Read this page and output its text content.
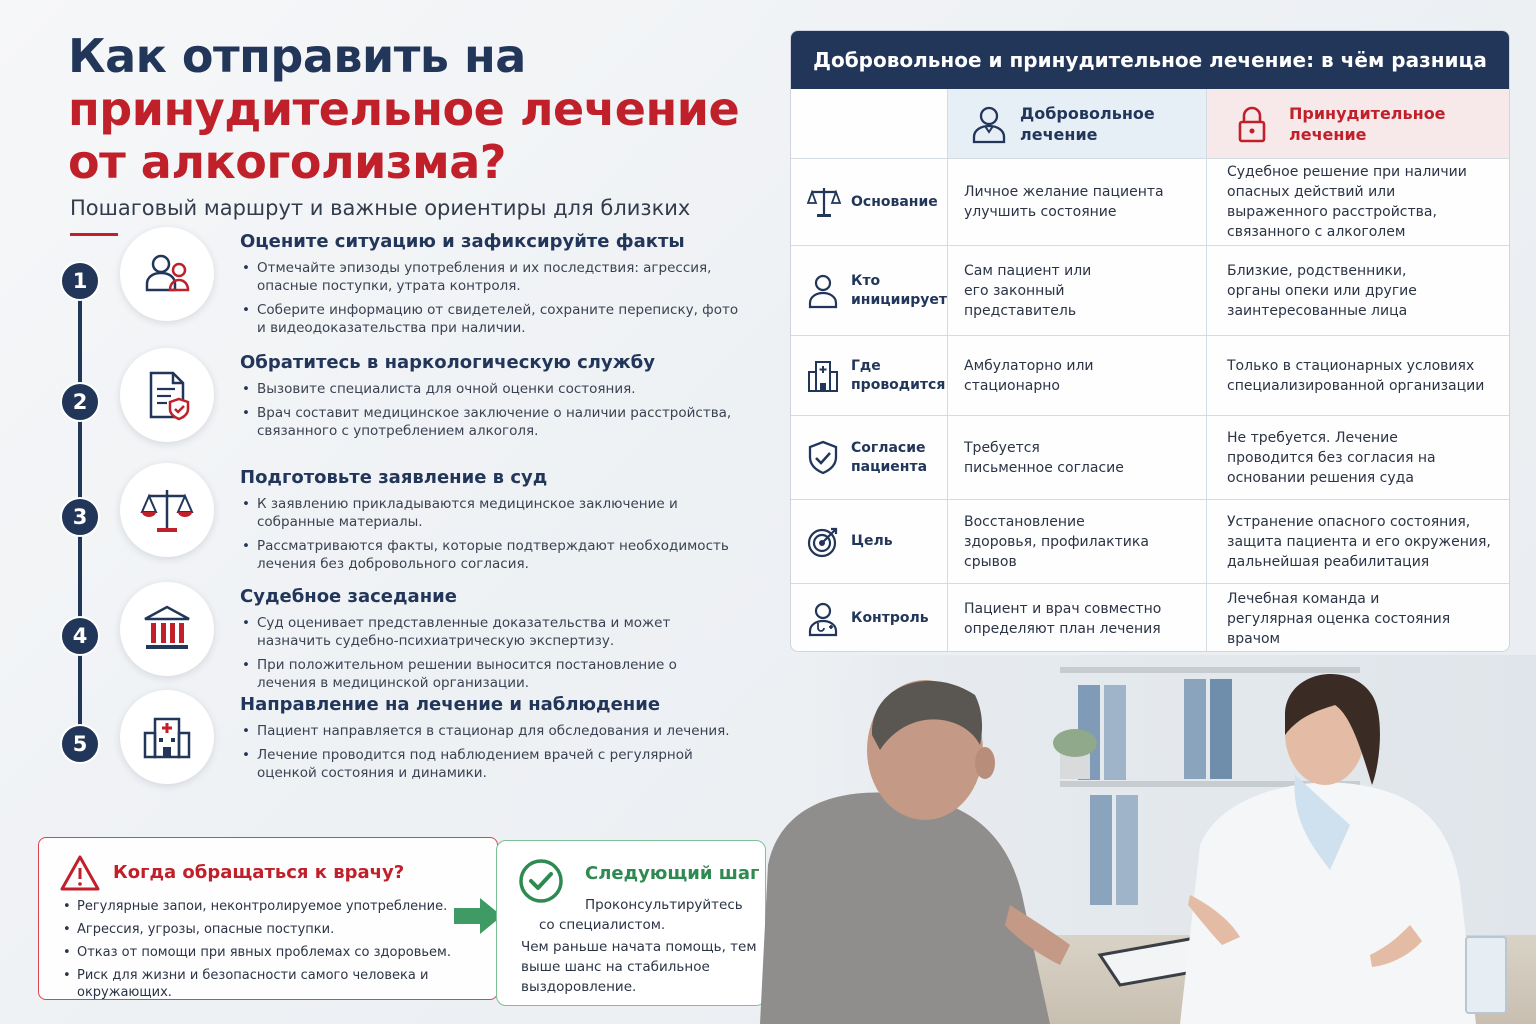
Как отправить на
принудительное лечение
от алкоголизма?
Пошаговый маршрут и важные ориентиры для близких
1
Оцените ситуацию и зафиксируйте факты
• Отмечайте эпизоды употребления и их последствия: агрессия, опасные поступки, утрата контроля.
• Соберите информацию от свидетелей, сохраните переписку, фото и видеодоказательства при наличии.
2
Обратитесь в наркологическую службу
• Вызовите специалиста для очной оценки состояния.
• Врач составит медицинское заключение о наличии расстройства, связанного с употреблением алкоголя.
3
Подготовьте заявление в суд
• К заявлению прикладываются медицинское заключение и собранные материалы.
• Рассматриваются факты, которые подтверждают необходимость лечения без добровольного согласия.
4
Судебное заседание
• Суд оценивает представленные доказательства и может назначить судебно-психиатрическую экспертизу.
• При положительном решении выносится постановление о лечения в медицинской организации.
5
Направление на лечение и наблюдение
• Пациент направляется в стационар для обследования и лечения.
• Лечение проводится под наблюдением врачей с регулярной оценкой состояния и динамики.
Когда обращаться к врачу?
• Регулярные запои, неконтролируемое употребление.
• Агрессия, угрозы, опасные поступки.
• Отказ от помощи при явных проблемах со здоровьем.
• Риск для жизни и безопасности самого человека и окружающих.
Следующий шаг
Проконсультируйтесь
со специалистом.
Чем раньше начата помощь, тем выше шанс на стабильное выздоровление.
Добровольное и принудительное лечение: в чём разница
Добровольное лечение
Принудительное лечение
Основание
Личное желание пациента улучшить состояние
Судебное решение при наличии опасных действий или выраженного расстройства, связанного с алкоголем
Кто инициирует
Сам пациент или его законный представитель
Близкие, родственники, органы опеки или другие заинтересованные лица
Где проводится
Амбулаторно или стационарно
Только в стационарных условиях специализированной организации
Согласие пациента
Требуется письменное согласие
Не требуется. Лечение проводится без согласия на основании решения суда
Цель
Восстановление здоровья, профилактика срывов
Устранение опасного состояния, защита пациента и его окружения, дальнейшая реабилитация
Контроль
Пациент и врач совместно определяют план лечения
Лечебная команда и регулярная оценка состояния врачом
